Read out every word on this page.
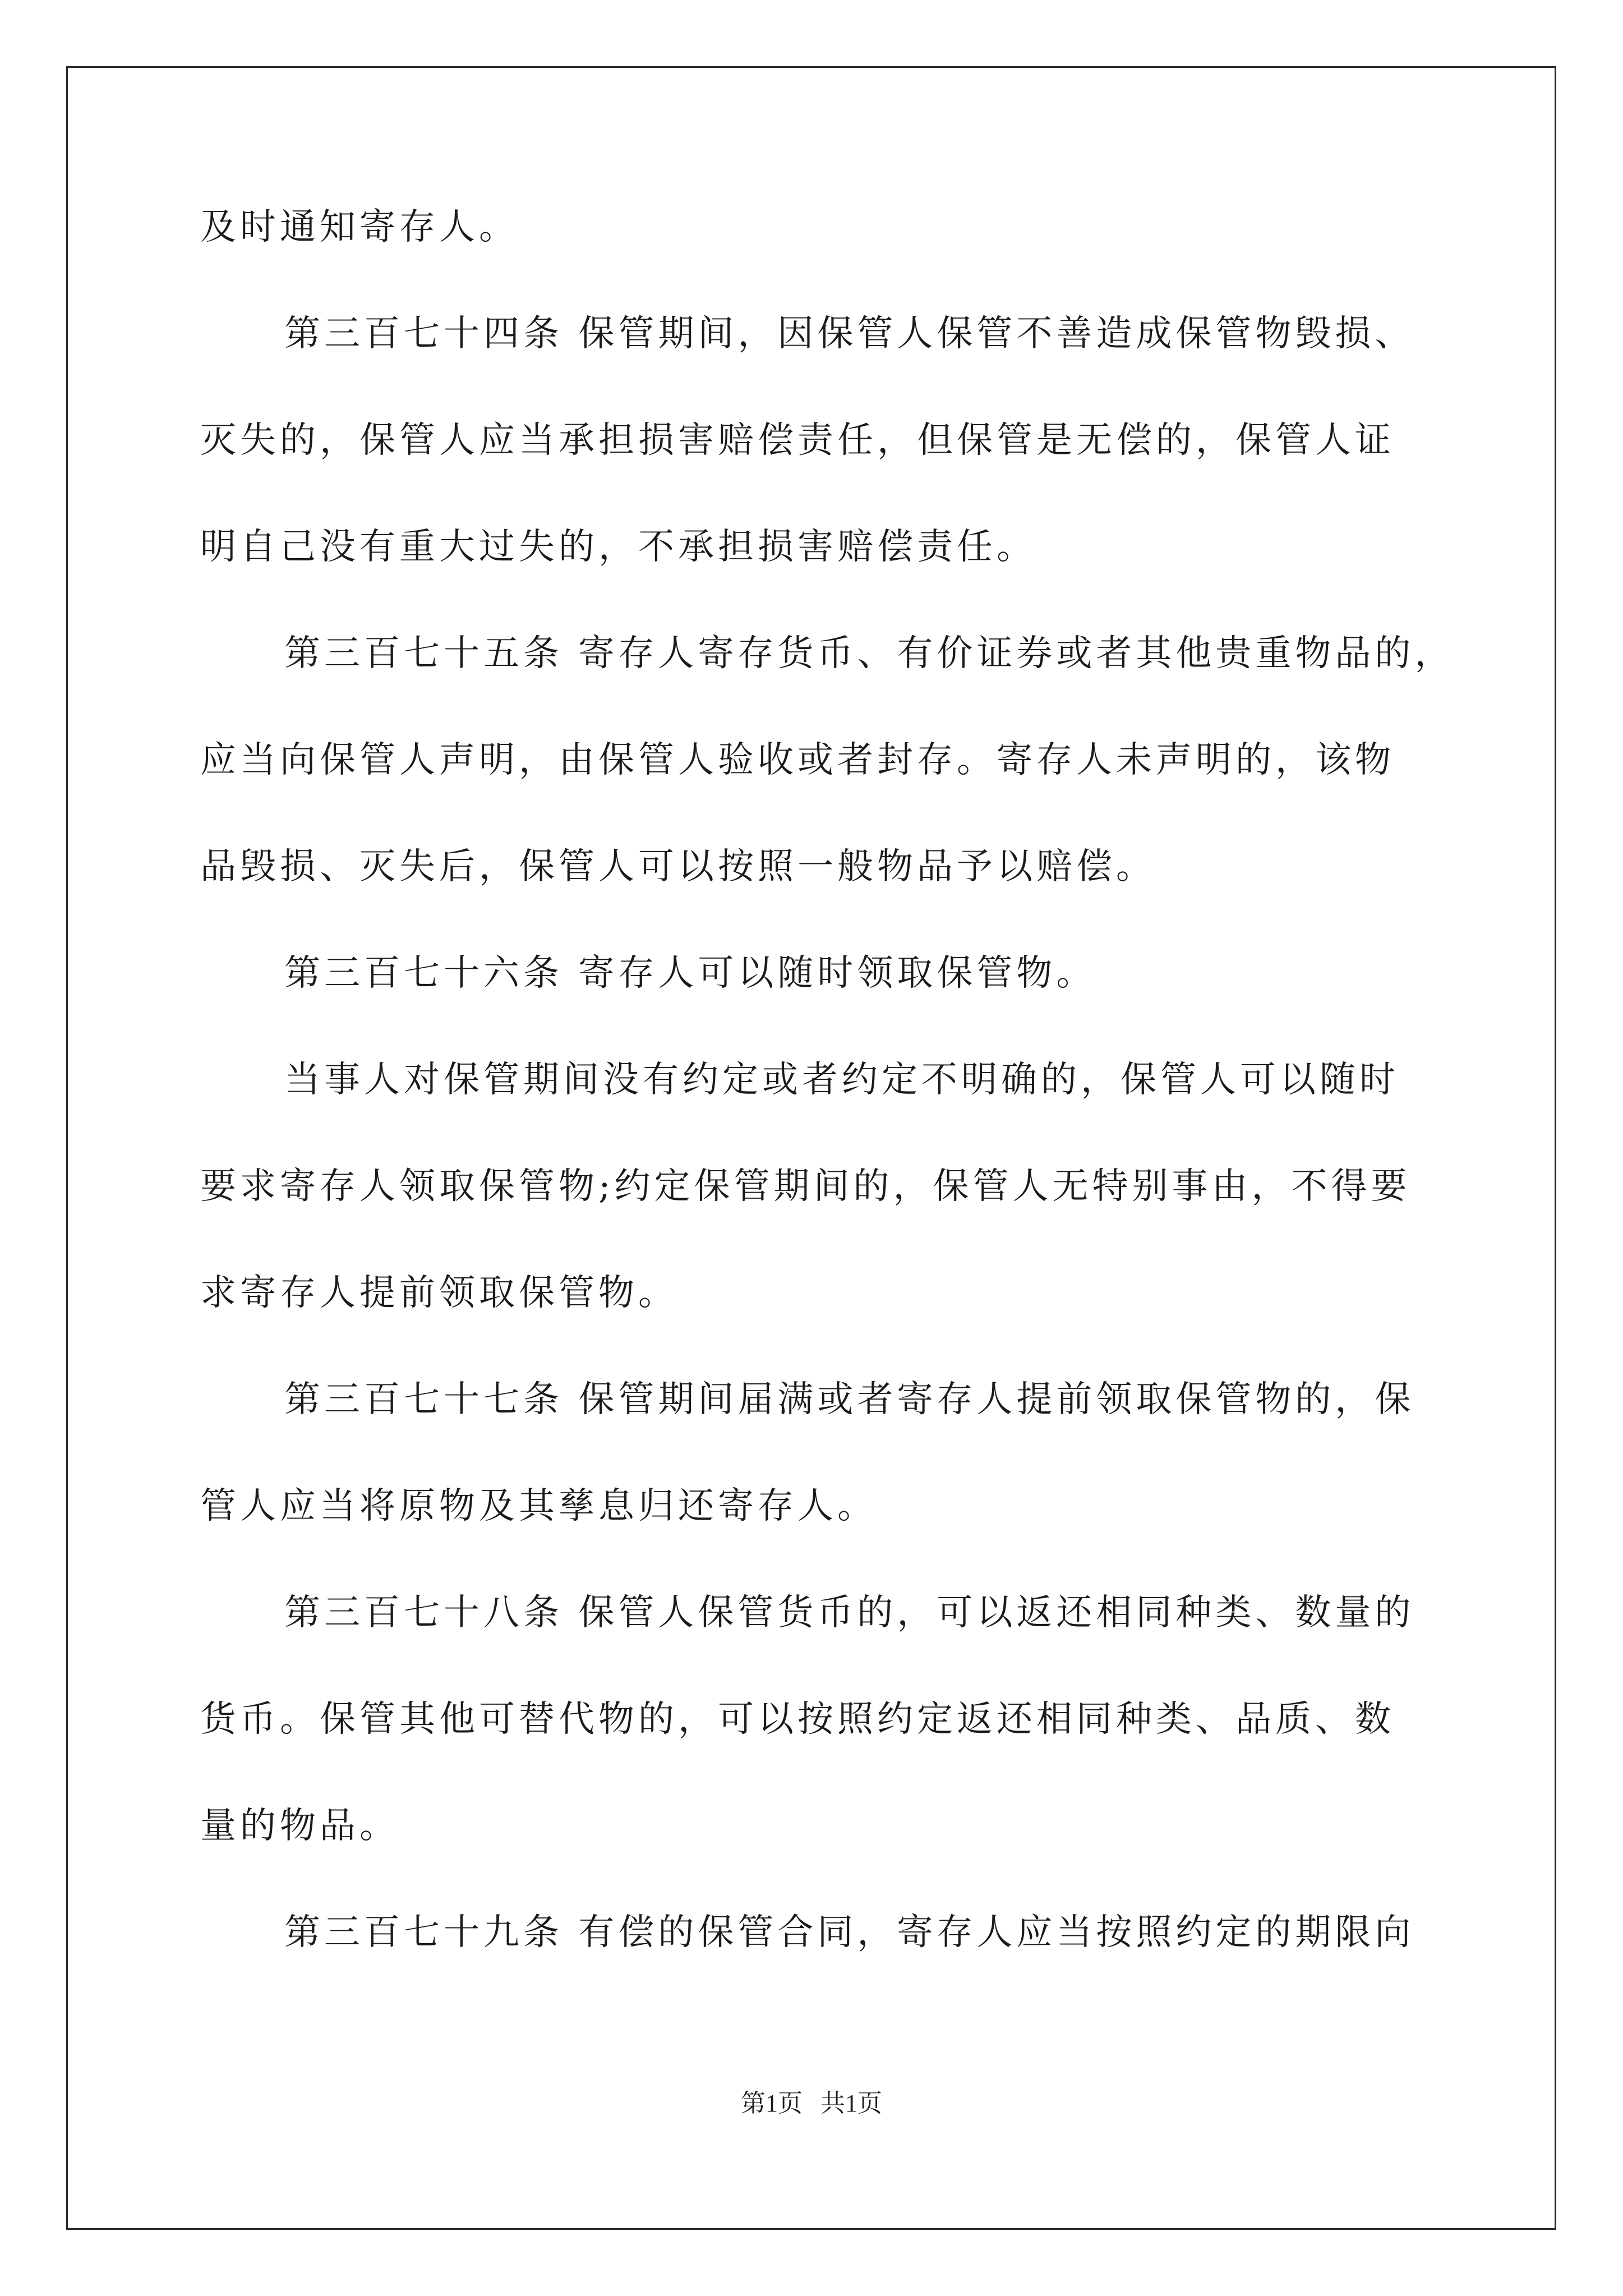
及时通知寄存人。
第三百七十四条 保管期间，因保管人保管不善造成保管物毁损、
灭失的，保管人应当承担损害赔偿责任，但保管是无偿的，保管人证
明自己没有重大过失的，不承担损害赔偿责任。
第三百七十五条 寄存人寄存货币、有价证券或者其他贵重物品的，
应当向保管人声明，由保管人验收或者封存。寄存人未声明的，该物
品毁损、灭失后，保管人可以按照一般物品予以赔偿。
第三百七十六条 寄存人可以随时领取保管物。
当事人对保管期间没有约定或者约定不明确的，保管人可以随时
要求寄存人领取保管物;约定保管期间的，保管人无特别事由，不得要
求寄存人提前领取保管物。
第三百七十七条 保管期间届满或者寄存人提前领取保管物的，保
管人应当将原物及其孳息归还寄存人。
第三百七十八条 保管人保管货币的，可以返还相同种类、数量的
货币。保管其他可替代物的，可以按照约定返还相同种类、品质、数
量的物品。
第三百七十九条 有偿的保管合同，寄存人应当按照约定的期限向
第1页 共1页
